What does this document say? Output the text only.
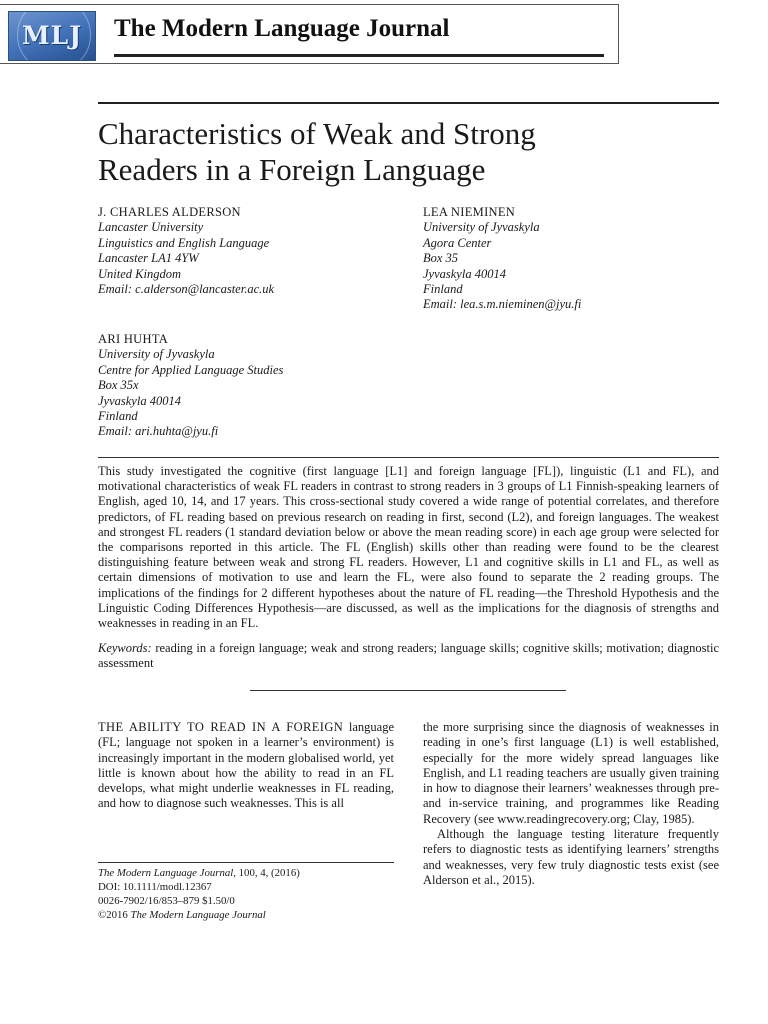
MLJ	The Modern Language Journal
Characteristics of Weak and Strong
Readers in a Foreign Language
J. CHARLES ALDERSON
Lancaster University
Linguistics and English Language
Lancaster LA1 4YW
United Kingdom
Email: c.alderson@lancaster.ac.uk
LEA NIEMINEN
University of Jyvaskyla
Agora Center
Box 35
Jyvaskyla 40014
Finland
Email: lea.s.m.nieminen@jyu.fi
ARI HUHTA
University of Jyvaskyla
Centre for Applied Language Studies
Box 35x
Jyvaskyla 40014
Finland
Email: ari.huhta@jyu.fi
This study investigated the cognitive (first language [L1] and foreign language [FL]), linguistic (L1 and FL), and motivational characteristics of weak FL readers in contrast to strong readers in 3 groups of L1 Finnish-speaking learners of English, aged 10, 14, and 17 years. This cross-sectional study covered a wide range of potential correlates, and therefore predictors, of FL reading based on previous research on reading in first, second (L2), and foreign languages. The weakest and strongest FL readers (1 standard deviation below or above the mean reading score) in each age group were selected for the comparisons reported in this article. The FL (English) skills other than reading were found to be the clearest distinguishing feature between weak and strong FL readers. However, L1 and cognitive skills in L1 and FL, as well as certain dimensions of motivation to use and learn the FL, were also found to separate the 2 reading groups. The implications of the findings for 2 different hypotheses about the nature of FL reading—the Threshold Hypothesis and the Linguistic Coding Differences Hypothesis—are discussed, as well as the implications for the diagnosis of strengths and weaknesses in reading in an FL.
Keywords: reading in a foreign language; weak and strong readers; language skills; cognitive skills; motivation; diagnostic assessment

THE ABILITY TO READ IN A FOREIGN language (FL; language not spoken in a learner’s environment) is increasingly important in the modern globalised world, yet little is known about how the ability to read in an FL develops, what might underlie weaknesses in FL reading, and how to diagnose such weaknesses. This is all

the more surprising since the diagnosis of weaknesses in reading in one’s first language (L1) is well established, especially for the more widely spread languages like English, and L1 reading teachers are usually given training in how to diagnose their learners’ weaknesses through pre- and in-service training, and programmes like Reading Recovery (see www.readingrecovery.org; Clay, 1985).

Although the language testing literature frequently refers to diagnostic tests as identifying learners’ strengths and weaknesses, very few truly diagnostic tests exist (see Alderson et al., 2015).

The Modern Language Journal, 100, 4, (2016)
DOI: 10.1111/modl.12367
0026-7902/16/853–879 $1.50/0
©2016 The Modern Language Journal
